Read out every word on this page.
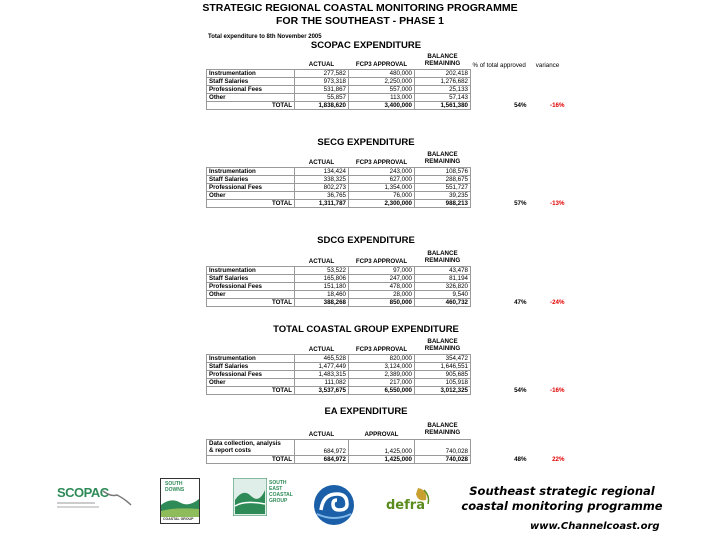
STRATEGIC REGIONAL COASTAL MONITORING PROGRAMME
FOR THE SOUTHEAST - PHASE 1
Total expenditure to 8th November 2005
SCOPAC EXPENDITURE
	ACTUAL	FCP3 APPROVAL	BALANCE
REMAINING	% of total approved	variance
Instrumentation	277,582	480,000	202,418		
Staff Salaries	973,318	2,250,000	1,276,682		
Professional Fees	531,867	557,000	25,133		
Other	55,857	113,000	57,143		
TOTAL	1,838,620	3,400,000	1,561,380	54%	-16%
SECG EXPENDITURE
	ACTUAL	FCP3 APPROVAL	BALANCE
REMAINING		

Instrumentation	134,424	243,000	108,576		
Staff Salaries	338,325	627,000	288,675		
Professional Fees	802,273	1,354,000	551,727		
Other	36,765	76,000	39,235		
TOTAL	1,311,787	2,300,000	988,213	57%	-13%
SDCG EXPENDITURE
	ACTUAL	FCP3 APPROVAL	BALANCE
REMAINING		

Instrumentation	53,522	97,000	43,478		
Staff Salaries	165,806	247,000	81,194		
Professional Fees	151,180	478,000	326,820		
Other	18,460	28,000	9,540		
TOTAL	388,268	850,000	460,732	47%	-24%
TOTAL COASTAL GROUP EXPENDITURE
	ACTUAL	FCP3 APPROVAL	BALANCE
REMAINING		

Instrumentation	465,528	820,000	354,472		
Staff Salaries	1,477,449	3,124,000	1,646,551		
Professional Fees	1,483,315	2,389,000	905,685		
Other	111,082	217,000	105,918		
TOTAL	3,537,675	6,550,000	3,012,325	54%	-16%
EA EXPENDITURE
	ACTUAL	APPROVAL	BALANCE
REMAINING		

Data collection, analysis
& report costs	684,972	1,425,000	740,028		
TOTAL	684,972	1,425,000	740,028	48%	22%
SCOPAC
SOUTH
DOWNS
COASTAL GROUP
SOUTH
EAST
COASTAL
GROUP	defra
Southeast strategic regional
coastal monitoring programme
www.Channelcoast.org
